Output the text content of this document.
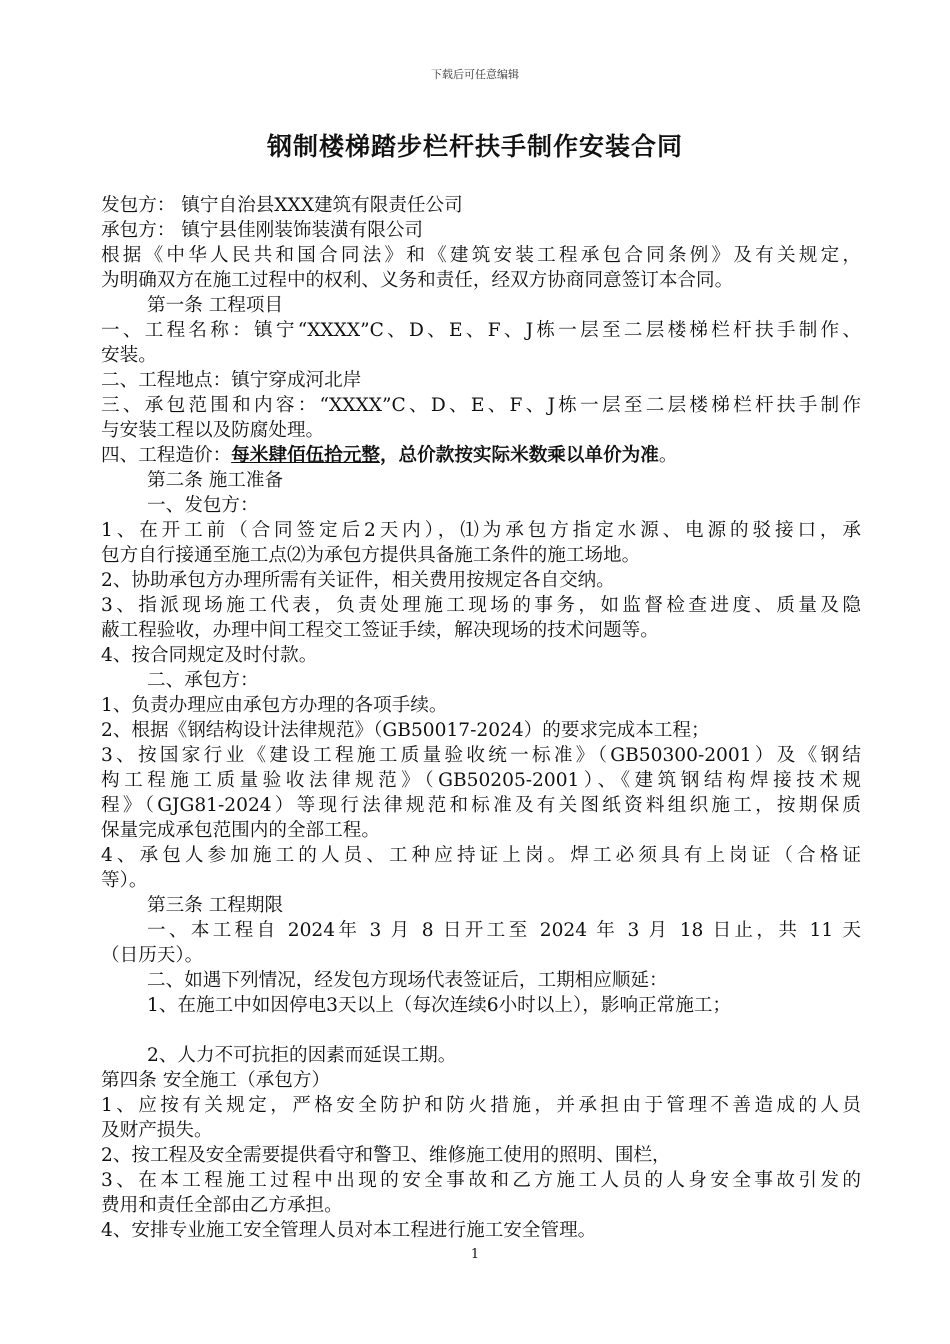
下载后可任意编辑
钢制楼梯踏步栏杆扶手制作安装合同
发包方： 镇宁自治县XXX建筑有限责任公司
承包方： 镇宁县佳刚装饰装潢有限公司
根据《中华人民共和国合同法》和《建筑安装工程承包合同条例》及有关规定，
为明确双方在施工过程中的权利、义务和责任，经双方协商同意签订本合同。
第一条 工程项目
一、工程名称：镇宁“XXXX”C、D、E、F、J栋一层至二层楼梯栏杆扶手制作、
安装。
二、工程地点：镇宁穿成河北岸
三、承包范围和内容：“XXXX”C、D、E、F、J栋一层至二层楼梯栏杆扶手制作
与安装工程以及防腐处理。
四、工程造价：每米肆佰伍拾元整，总价款按实际米数乘以单价为准。
第二条 施工准备
一、发包方：
1、在开工前（合同签定后2天内），⑴为承包方指定水源、电源的驳接口，承
包方自行接通至施工点⑵为承包方提供具备施工条件的施工场地。
2、协助承包方办理所需有关证件，相关费用按规定各自交纳。
3、指派现场施工代表，负责处理施工现场的事务，如监督检查进度、质量及隐
蔽工程验收，办理中间工程交工签证手续，解决现场的技术问题等。
4、按合同规定及时付款。
二、承包方：
1、负责办理应由承包方办理的各项手续。
2、根据《钢结构设计法律规范》（GB50017-2024）的要求完成本工程；
3、按国家行业《建设工程施工质量验收统一标准》（GB50300-2001）及《钢结
构工程施工质量验收法律规范》（GB50205-2001）、《建筑钢结构焊接技术规
程》（GJG81-2024）等现行法律规范和标准及有关图纸资料组织施工，按期保质
保量完成承包范围内的全部工程。
4、承包人参加施工的人员、工种应持证上岗。焊工必须具有上岗证（合格证
等）。
第三条 工程期限
一、本工程自 2024年 3 月 8 日开工至 2024 年 3 月 18 日止，共 11 天
（日历天）。
二、如遇下列情况，经发包方现场代表签证后，工期相应顺延：
1、在施工中如因停电3天以上（每次连续6小时以上），影响正常施工；
2、人力不可抗拒的因素而延误工期。
第四条 安全施工（承包方）
1、应按有关规定，严格安全防护和防火措施，并承担由于管理不善造成的人员
及财产损失。
2、按工程及安全需要提供看守和警卫、维修施工使用的照明、围栏，
3、在本工程施工过程中出现的安全事故和乙方施工人员的人身安全事故引发的
费用和责任全部由乙方承担。
4、安排专业施工安全管理人员对本工程进行施工安全管理。
1
